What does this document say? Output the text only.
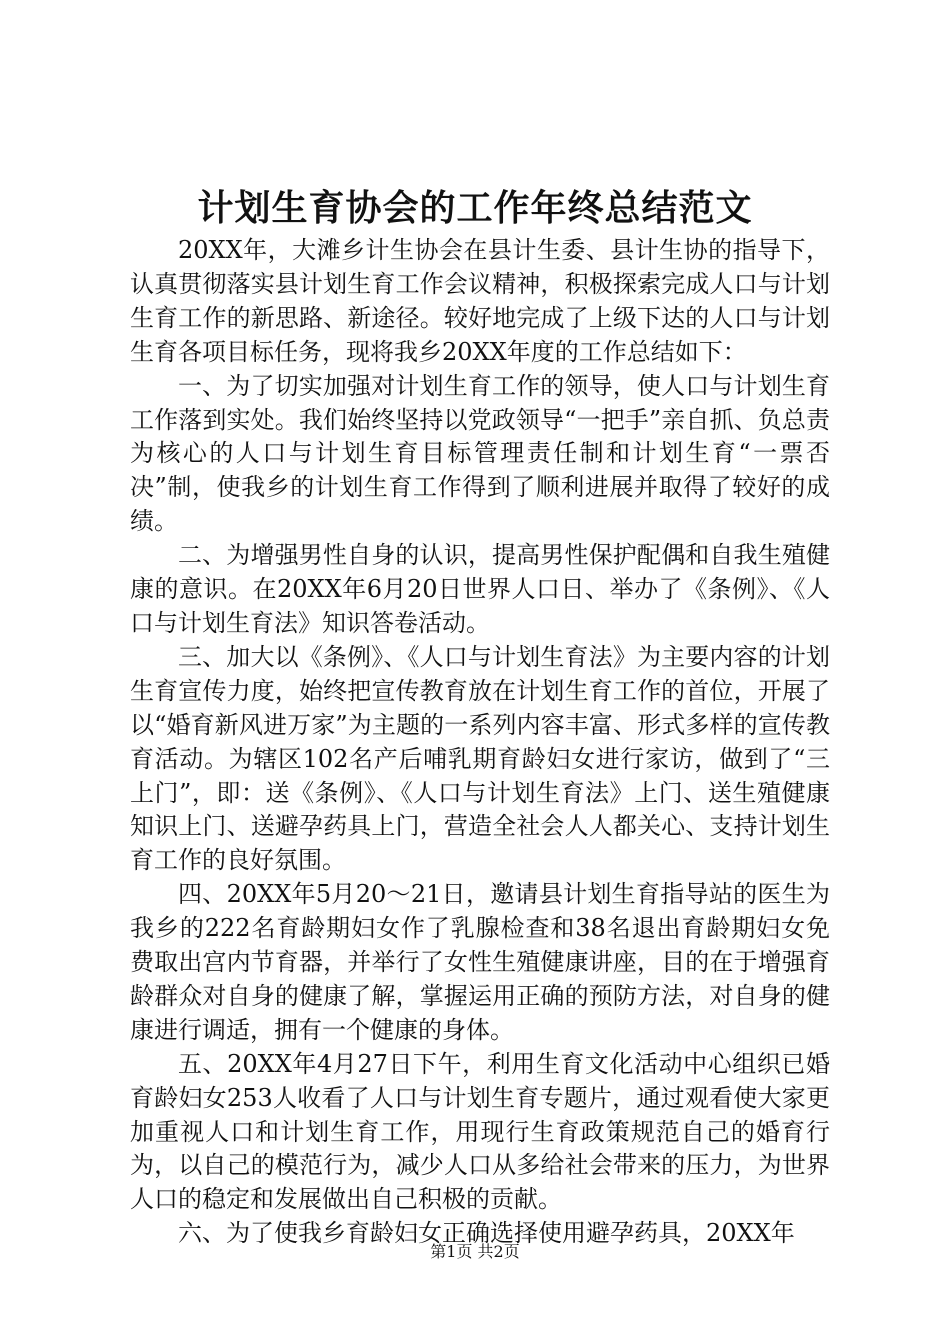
计划生育协会的工作年终总结范文

20XX年，大滩乡计生协会在县计生委、县计生协的指导下，认真贯彻落实县计划生育工作会议精神，积极探索完成人口与计划生育工作的新思路、新途径。较好地完成了上级下达的人口与计划生育各项目标任务，现将我乡20XX年度的工作总结如下：

一、为了切实加强对计划生育工作的领导，使人口与计划生育工作落到实处。我们始终坚持以党政领导“一把手”亲自抓、负总责为核心的人口与计划生育目标管理责任制和计划生育“一票否决”制，使我乡的计划生育工作得到了顺利进展并取得了较好的成绩。

二、为增强男性自身的认识，提高男性保护配偶和自我生殖健康的意识。在20XX年6月20日世界人口日、举办了《条例》、《人口与计划生育法》知识答卷活动。

三、加大以《条例》、《人口与计划生育法》为主要内容的计划生育宣传力度，始终把宣传教育放在计划生育工作的首位，开展了以“婚育新风进万家”为主题的一系列内容丰富、形式多样的宣传教育活动。为辖区102名产后哺乳期育龄妇女进行家访，做到了“三上门”，即：送《条例》、《人口与计划生育法》上门、送生殖健康知识上门、送避孕药具上门，营造全社会人人都关心、支持计划生育工作的良好氛围。

四、20XX年5月20～21日，邀请县计划生育指导站的医生为我乡的222名育龄期妇女作了乳腺检查和38名退出育龄期妇女免费取出宫内节育器，并举行了女性生殖健康讲座，目的在于增强育龄群众对自身的健康了解，掌握运用正确的预防方法，对自身的健康进行调适，拥有一个健康的身体。

五、20XX年4月27日下午，利用生育文化活动中心组织已婚育龄妇女253人收看了人口与计划生育专题片，通过观看使大家更加重视人口和计划生育工作，用现行生育政策规范自己的婚育行为，以自己的模范行为，减少人口从多给社会带来的压力，为世界人口的稳定和发展做出自己积极的贡献。

六、为了使我乡育龄妇女正确选择使用避孕药具，20XX年

第1页 共2页
